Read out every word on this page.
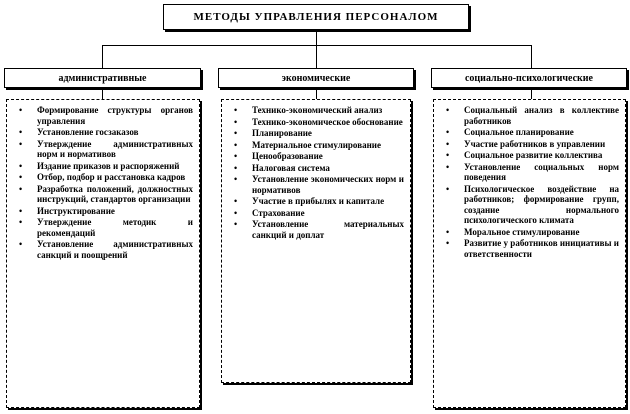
МЕТОДЫ УПРАВЛЕНИЯ ПЕРСОНАЛОМ
административные	экономические	социально-психологические
• Формирование структуры органов управления
• Установление госзаказов
• Утверждение административных норм и нормативов
• Издание приказов и распоряжений
• Отбор, подбор и расстановка кадров
• Разработка положений, должностных инструкций, стандартов организации
• Инструктирование
• Утверждение методик и рекомендаций
• Установление административных санкций и поощрений
• Технико-экономический анализ
• Технико-экономическое обоснование
• Планирование
• Материальное стимулирование
• Ценообразование
• Налоговая система
• Установление экономических норм и нормативов
• Участие в прибылях и капитале
• Страхование
• Установление материальных санкций и доплат
• Социальный анализ в коллективе работников
• Социальное планирование
• Участие работников в управлении
• Социальное развитие коллектива
• Установление социальных норм поведения
• Психологическое воздействие на работников; формирование групп, создание нормального психологического климата
• Моральное стимулирование
• Развитие у работников инициативы и ответственности
